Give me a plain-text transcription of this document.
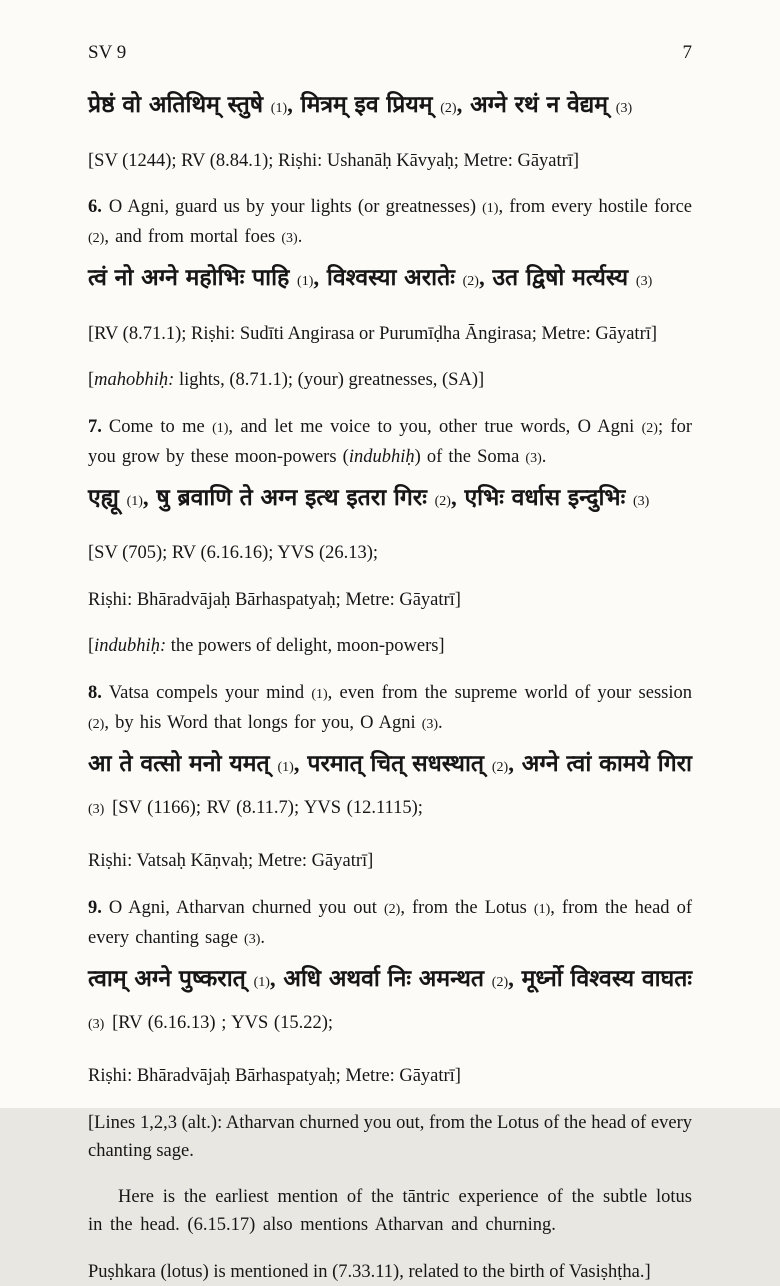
SV 9	7

प्रेष्ठं वो अतिथिम् स्तुषे (1), मित्रम् इव प्रियम् (2), अग्ने रथं न वेद्यम् (3)

[SV (1244); RV (8.84.1); Riṣhi: Ushanāḥ Kāvyaḥ; Metre: Gāyatrī]

6. O Agni, guard us by your lights (or greatnesses) (1), from every hostile force (2), and from mortal foes (3).

त्वं नो अग्ने महोभिः पाहि (1), विश्वस्या अरातेः (2), उत द्विषो मर्त्यस्य (3)

[RV (8.71.1); Riṣhi: Sudīti Angirasa or Purumīḍha Āngirasa; Metre: Gāyatrī]

[mahobhiḥ: lights, (8.71.1); (your) greatnesses, (SA)]

7. Come to me (1), and let me voice to you, other true words, O Agni (2); for you grow by these moon-powers (indubhiḥ) of the Soma (3).

एह्यू (1), षु ब्रवाणि ते अग्न इत्थ इतरा गिरः (2), एभिः वर्धास इन्दुभिः (3)

[SV (705); RV (6.16.16); YVS (26.13);

Riṣhi: Bhāradvājaḥ Bārhaspatyaḥ; Metre: Gāyatrī]

[indubhiḥ: the powers of delight, moon-powers]

8. Vatsa compels your mind (1), even from the supreme world of your session (2), by his Word that longs for you, O Agni (3).

आ ते वत्सो मनो यमत् (1), परमात् चित् सधस्थात् (2), अग्ने त्वां कामये गिरा (3) [SV (1166); RV (8.11.7); YVS (12.1115);

Riṣhi: Vatsaḥ Kāṇvaḥ; Metre: Gāyatrī]

9. O Agni, Atharvan churned you out (2), from the Lotus (1), from the head of every chanting sage (3).

त्वाम् अग्ने पुष्करात् (1), अधि अथर्वा निः अमन्थत (2), मूर्ध्नो विश्वस्य वाघतः (3) [RV (6.16.13) ; YVS (15.22);

Riṣhi: Bhāradvājaḥ Bārhaspatyaḥ; Metre: Gāyatrī]

[Lines 1,2,3 (alt.): Atharvan churned you out, from the Lotus of the head of every chanting sage.

Here is the earliest mention of the tāntric experience of the subtle lotus in the head. (6.15.17) also mentions Atharvan and churning.

Puṣhkara (lotus) is mentioned in (7.33.11), related to the birth of Vasiṣhṭha.]
